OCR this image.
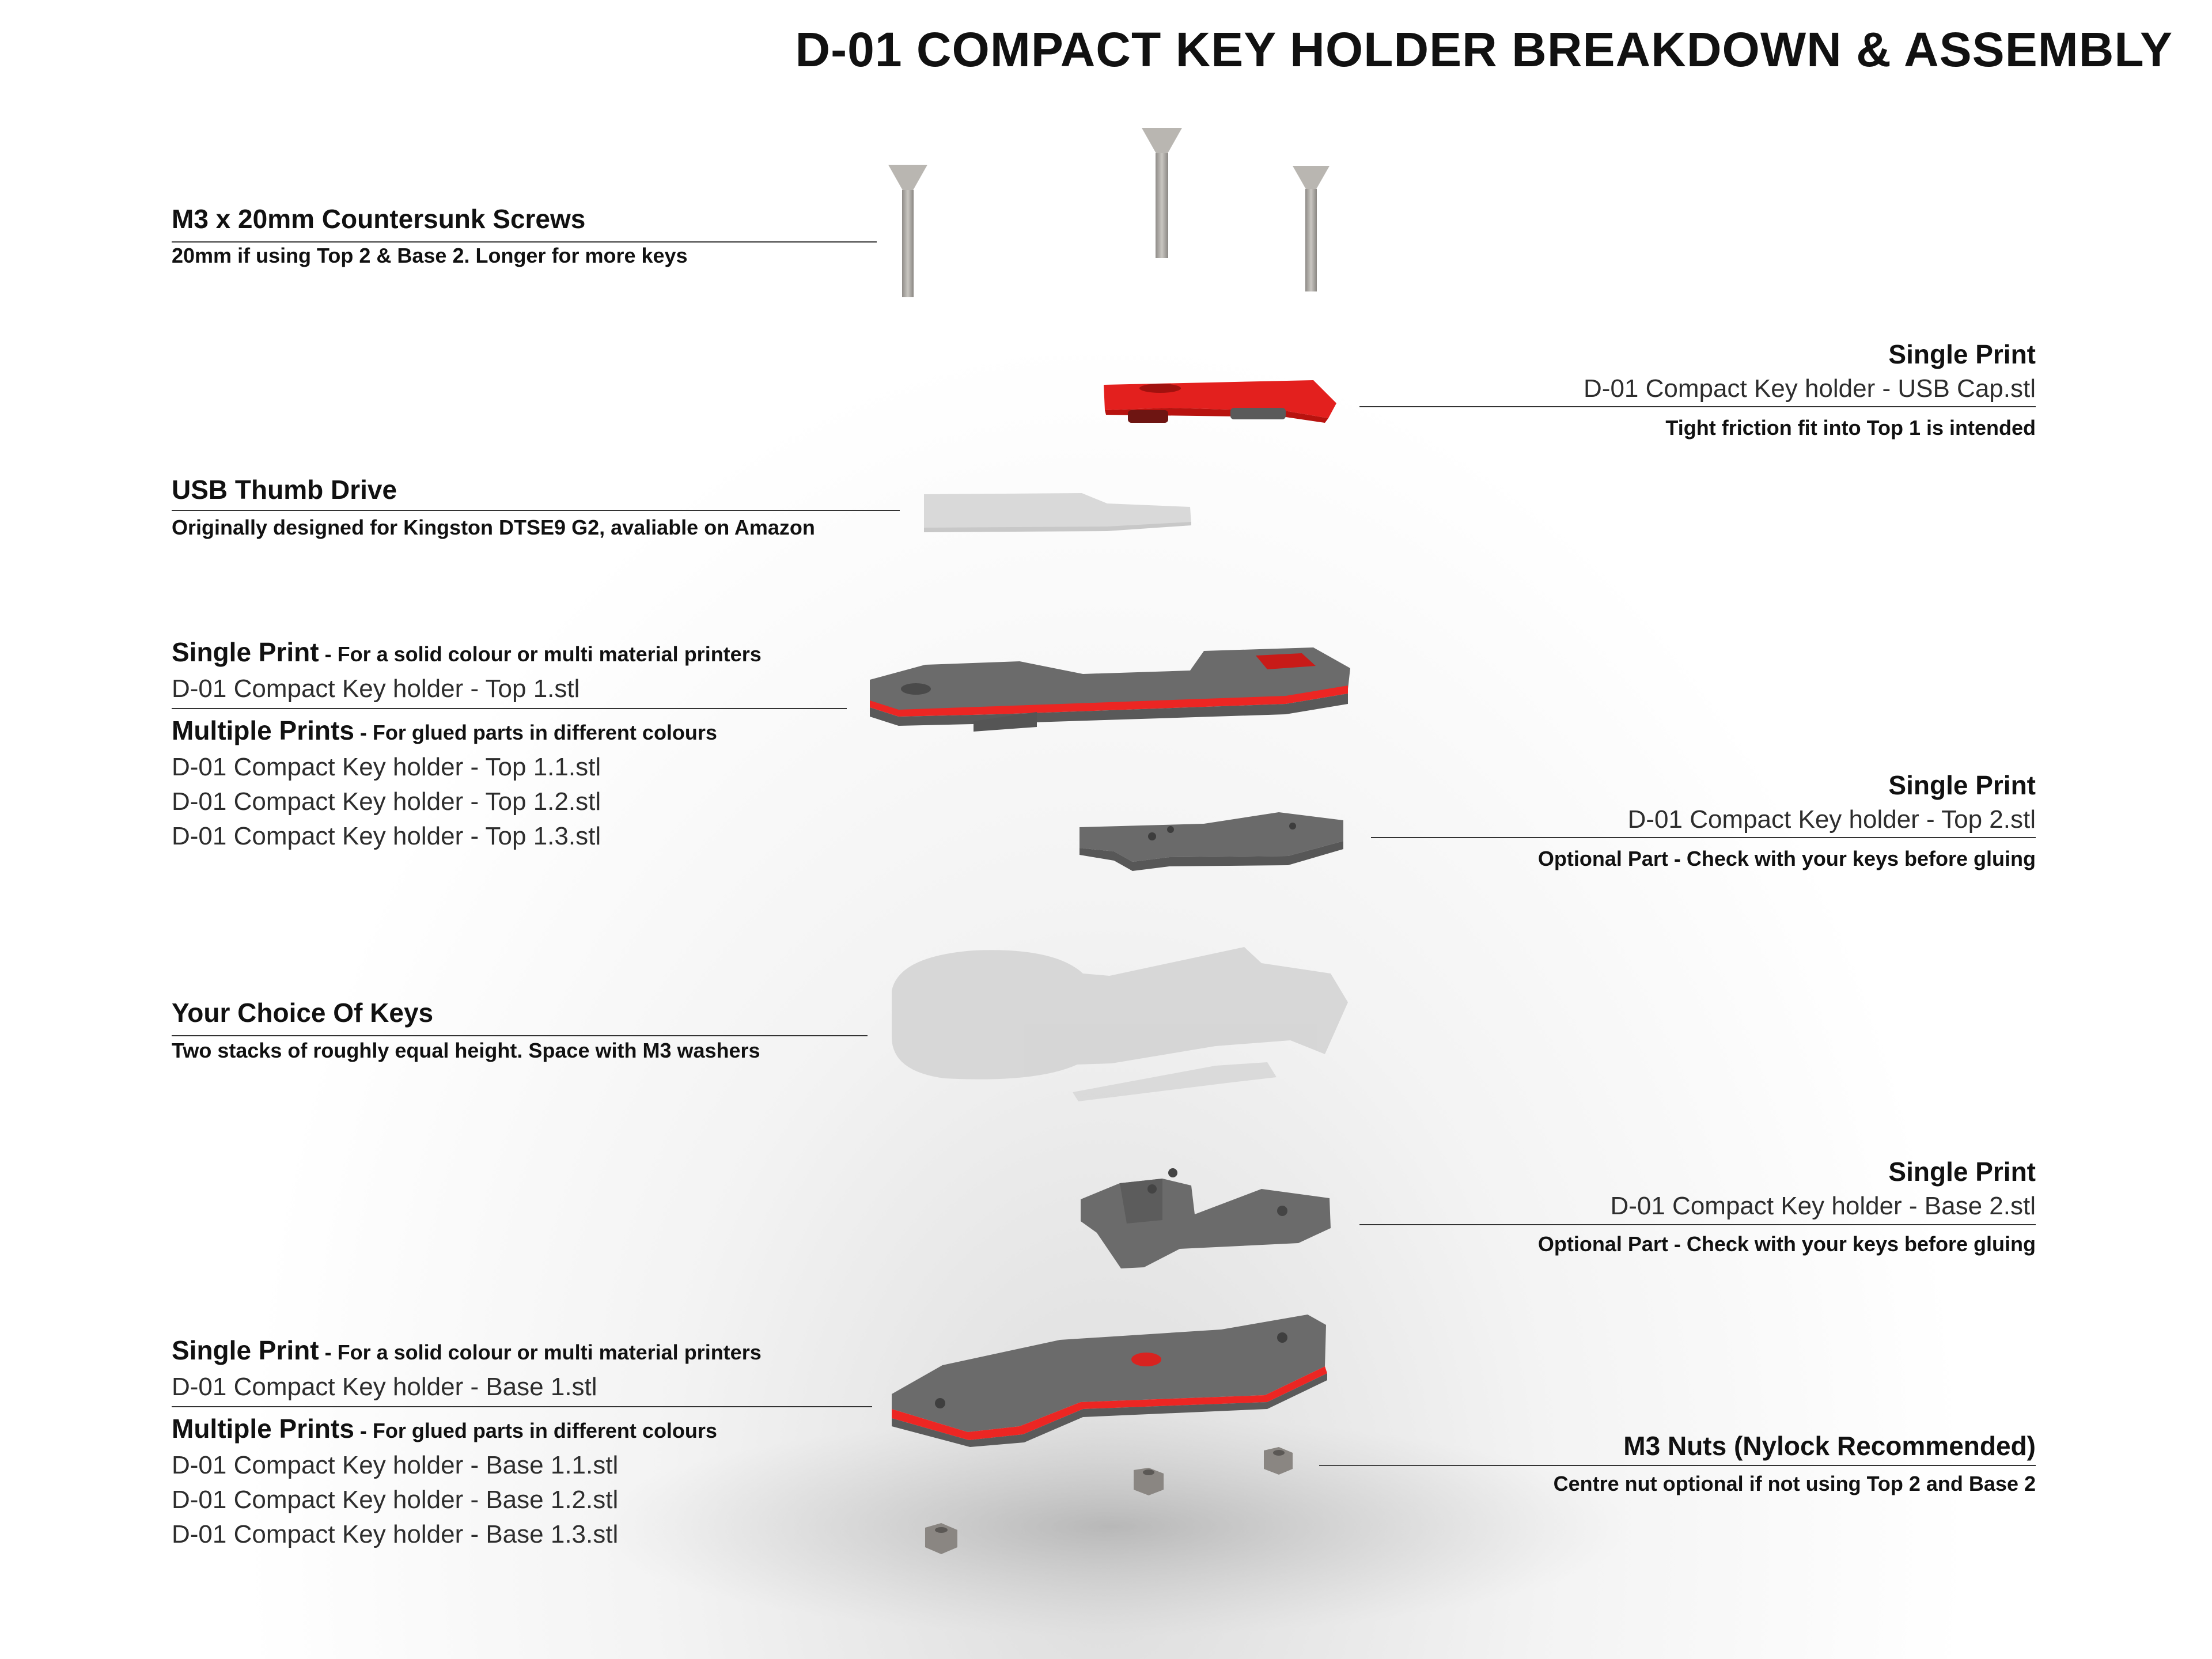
D-01 COMPACT KEY HOLDER BREAKDOWN & ASSEMBLY
M3 x 20mm Countersunk Screws
20mm if using Top 2 & Base 2. Longer for more keys
Single Print
D-01 Compact Key holder - USB Cap.stl
Tight friction fit into Top 1 is intended
USB Thumb Drive
Originally designed for Kingston DTSE9 G2, avaliable on Amazon
Single Print - For a solid colour or multi material printers
D-01 Compact Key holder - Top 1.stl
Multiple Prints - For glued parts in different colours
D-01 Compact Key holder - Top 1.1.stl
D-01 Compact Key holder - Top 1.2.stl
D-01 Compact Key holder - Top 1.3.stl
Single Print
D-01 Compact Key holder - Top 2.stl
Optional Part - Check with your keys before gluing
Your Choice Of Keys
Two stacks of roughly equal height. Space with M3 washers
Single Print
D-01 Compact Key holder - Base 2.stl
Optional Part - Check with your keys before gluing
Single Print - For a solid colour or multi material printers
D-01 Compact Key holder - Base 1.stl
Multiple Prints - For glued parts in different colours
D-01 Compact Key holder - Base 1.1.stl
D-01 Compact Key holder - Base 1.2.stl
D-01 Compact Key holder - Base 1.3.stl
M3 Nuts (Nylock Recommended)
Centre nut optional if not using Top 2 and Base 2
